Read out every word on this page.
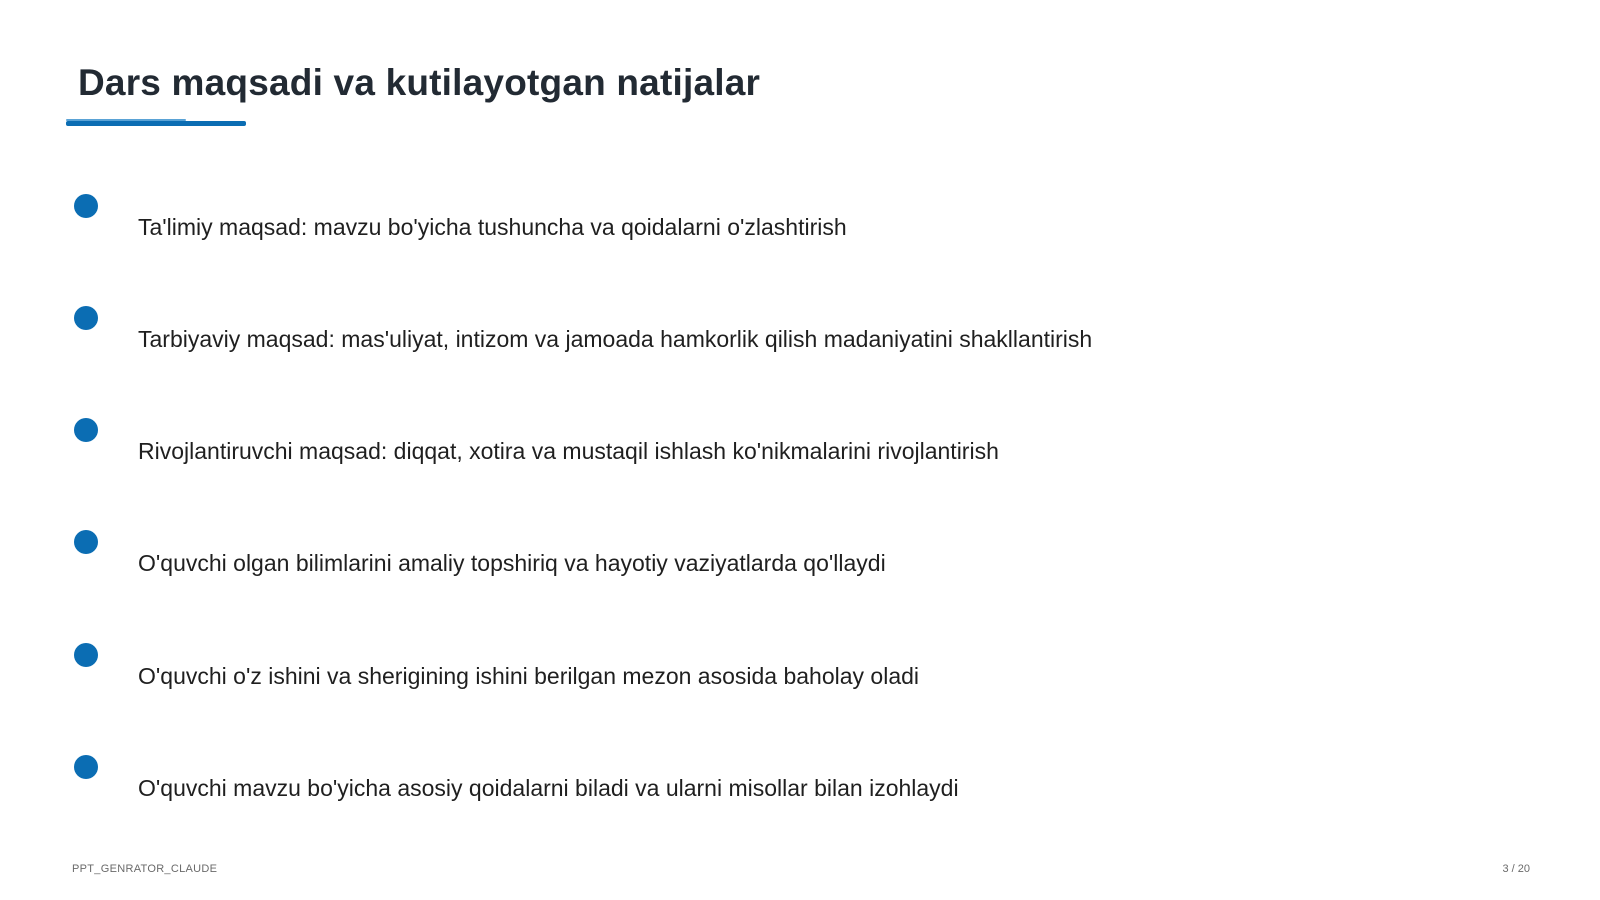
Dars maqsadi va kutilayotgan natijalar
Ta'limiy maqsad: mavzu bo'yicha tushuncha va qoidalarni o'zlashtirish
Tarbiyaviy maqsad: mas'uliyat, intizom va jamoada hamkorlik qilish madaniyatini shakllantirish
Rivojlantiruvchi maqsad: diqqat, xotira va mustaqil ishlash ko'nikmalarini rivojlantirish
O'quvchi olgan bilimlarini amaliy topshiriq va hayotiy vaziyatlarda qo'llaydi
O'quvchi o'z ishini va sherigining ishini berilgan mezon asosida baholay oladi
O'quvchi mavzu bo'yicha asosiy qoidalarni biladi va ularni misollar bilan izohlaydi
PPT_GENRATOR_CLAUDE	3 / 20
